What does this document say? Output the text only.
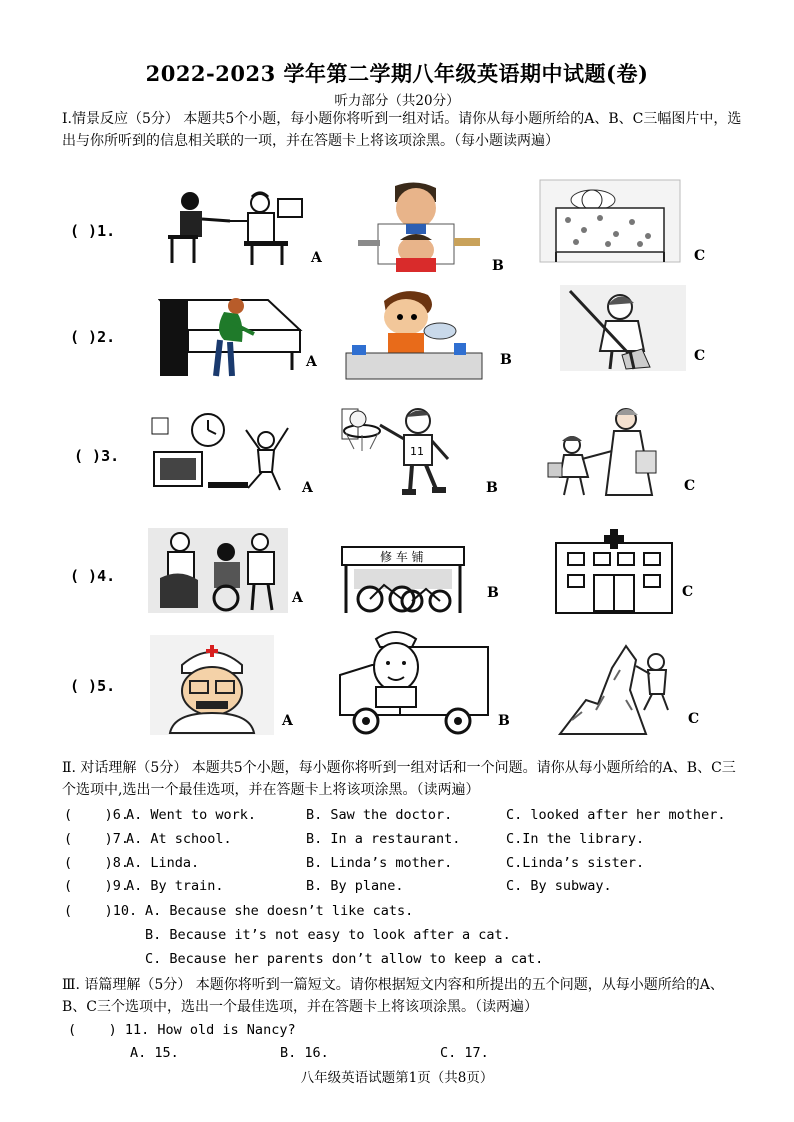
2022-2023 学年第二学期八年级英语期中试题(卷)
听力部分（共20分）
Ⅰ.情景反应（5分） 本题共5个小题，每小题你将听到一组对话。请你从每小题所给的A、B、C三幅图片中，选出与你所听到的信息相关联的一项，并在答题卡上将该项涂黑。（每小题读两遍）
( )1.
( )2.
( )3.
( )4.
( )5.
A	B
C
A	B	C
A
11
B	C
A
修 车 铺
B	C
A	B	C
Ⅱ. 对话理解（5分） 本题共5个小题，每小题你将听到一组对话和一个问题。请你从每小题所给的A、B、C三个选项中,选出一个最佳选项，并在答题卡上将该项涂黑。（读两遍）
(    )6.
A. Went to work.	B. Saw the doctor.	C. looked after her mother.
(    )7.
A. At school.	B. In a restaurant.	C.In the library.
(    )8.
A. Linda.	B. Linda’s mother.	C.Linda’s sister.
(    )9.
A. By train.	B. By plane.	C. By subway.
(    )10. A. Because she doesn’t like cats.
B. Because it’s not easy to look after a cat.
C. Because her parents don’t allow to keep a cat.
Ⅲ. 语篇理解（5分） 本题你将听到一篇短文。请你根据短文内容和所提出的五个问题，从每小题所给的A、B、C三个选项中，选出一个最佳选项，并在答题卡上将该项涂黑。（读两遍）
(    ) 11. How old is Nancy?
A. 15.	B. 16.	C. 17.
八年级英语试题第1页（共8页）
